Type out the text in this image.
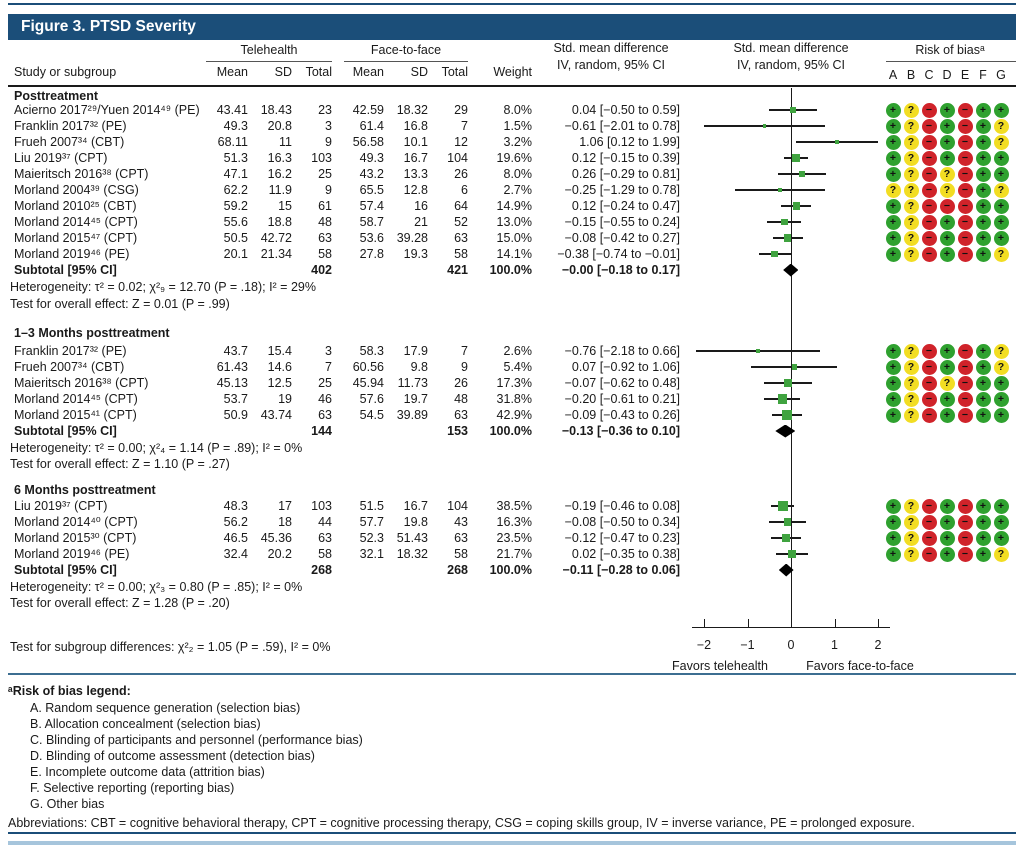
Figure 3. PTSD Severity
Telehealth	Face-to-face	Std. mean difference
IV, random, 95% CI
Std. mean difference
IV, random, 95% CI
Risk of biasᵃ
Study or subgroup	Mean	SD	Total	Mean	SD	Total	Weight
Favors telehealth	Favors face-to-face
Test for subgroup differences: χ²₂ = 1.05 (P = .59), I² = 0%
ᵃRisk of bias legend:
Abbreviations: CBT = cognitive behavioral therapy, CPT = cognitive processing therapy, CSG = coping skills group, IV = inverse variance, PE = prolonged exposure.
A B C D E F G
Posttreatment
Acierno 2017²⁹/Yuen 2014⁴⁹ (PE)	43.41	18.43	23	42.59	18.32	29	8.0%	0.04 [−0.50 to 0.59]	+	?	−	+	−	+	+
Franklin 2017³² (PE)	49.3	20.8	3	61.4	16.8	7	1.5%	−0.61 [−2.01 to 0.78]	+	?	−	+	−	+	?
Frueh 2007³⁴ (CBT)	68.11	11	9	56.58	10.1	12	3.2%	1.06 [0.12 to 1.99]	+	?	−	+	−	+	?
Liu 2019³⁷ (CPT)	51.3	16.3	103	49.3	16.7	104	19.6%	0.12 [−0.15 to 0.39]	+	?	−	+	−	+	+
Maieritsch 2016³⁸ (CPT)	47.1	16.2	25	43.2	13.3	26	8.0%	0.26 [−0.29 to 0.81]	+	?	−	?	−	+	+
Morland 2004³⁹ (CSG)	62.2	11.9	9	65.5	12.8	6	2.7%	−0.25 [−1.29 to 0.78]	?	?	−	?	−	+	?
Morland 2010²⁵ (CBT)	59.2	15	61	57.4	16	64	14.9%	0.12 [−0.24 to 0.47]	+	?	−	−	−	+	+
Morland 2014⁴⁵ (CPT)	55.6	18.8	48	58.7	21	52	13.0%	−0.15 [−0.55 to 0.24]	+	?	−	+	−	+	+
Morland 2015⁴⁷ (CPT)	50.5	42.72	63	53.6	39.28	63	15.0%	−0.08 [−0.42 to 0.27]	+	?	−	+	−	+	+
Morland 2019⁴⁶ (PE)	20.1	21.34	58	27.8	19.3	58	14.1%	−0.38 [−0.74 to −0.01]	+	?	−	+	−	+	?
Subtotal [95% CI]	402	421	100.0%	−0.00 [−0.18 to 0.17]
Heterogeneity: τ² = 0.02; χ²₉ = 12.70 (P = .18); I² = 29%
Test for overall effect: Z = 0.01 (P = .99)
1–3 Months posttreatment
Franklin 2017³² (PE)	43.7	15.4	3	58.3	17.9	7	2.6%	−0.76 [−2.18 to 0.66]	+	?	−	+	−	+	?
Frueh 2007³⁴ (CBT)	61.43	14.6	7	60.56	9.8	9	5.4%	0.07 [−0.92 to 1.06]	+	?	−	+	−	+	?
Maieritsch 2016³⁸ (CPT)	45.13	12.5	25	45.94	11.73	26	17.3%	−0.07 [−0.62 to 0.48]	+	?	−	?	−	+	+
Morland 2014⁴⁵ (CPT)	53.7	19	46	57.6	19.7	48	31.8%	−0.20 [−0.61 to 0.21]	+	?	−	+	−	+	+
Morland 2015⁴¹ (CPT)	50.9	43.74	63	54.5	39.89	63	42.9%	−0.09 [−0.43 to 0.26]	+	?	−	+	−	+	+
Subtotal [95% CI]	144	153	100.0%	−0.13 [−0.36 to 0.10]
Heterogeneity: τ² = 0.00; χ²₄ = 1.14 (P = .89); I² = 0%
Test for overall effect: Z = 1.10 (P = .27)
6 Months posttreatment
Liu 2019³⁷ (CPT)	48.3	17	103	51.5	16.7	104	38.5%	−0.19 [−0.46 to 0.08]	+	?	−	+	−	+	+
Morland 2014⁴⁰ (CPT)	56.2	18	44	57.7	19.8	43	16.3%	−0.08 [−0.50 to 0.34]	+	?	−	+	−	+	+
Morland 2015³⁰ (CPT)	46.5	45.36	63	52.3	51.43	63	23.5%	−0.12 [−0.47 to 0.23]	+	?	−	+	−	+	+
Morland 2019⁴⁶ (PE)	32.4	20.2	58	32.1	18.32	58	21.7%	0.02 [−0.35 to 0.38]	+	?	−	+	−	+	?
Subtotal [95% CI]	268	268	100.0%	−0.11 [−0.28 to 0.06]
Heterogeneity: τ² = 0.00; χ²₃ = 0.80 (P = .85); I² = 0%
Test for overall effect: Z = 1.28 (P = .20)
−2	−1	0	1	2
A. Random sequence generation (selection bias)
B. Allocation concealment (selection bias)
C. Blinding of participants and personnel (performance bias)
D. Blinding of outcome assessment (detection bias)
E. Incomplete outcome data (attrition bias)
F. Selective reporting (reporting bias)
G. Other bias
